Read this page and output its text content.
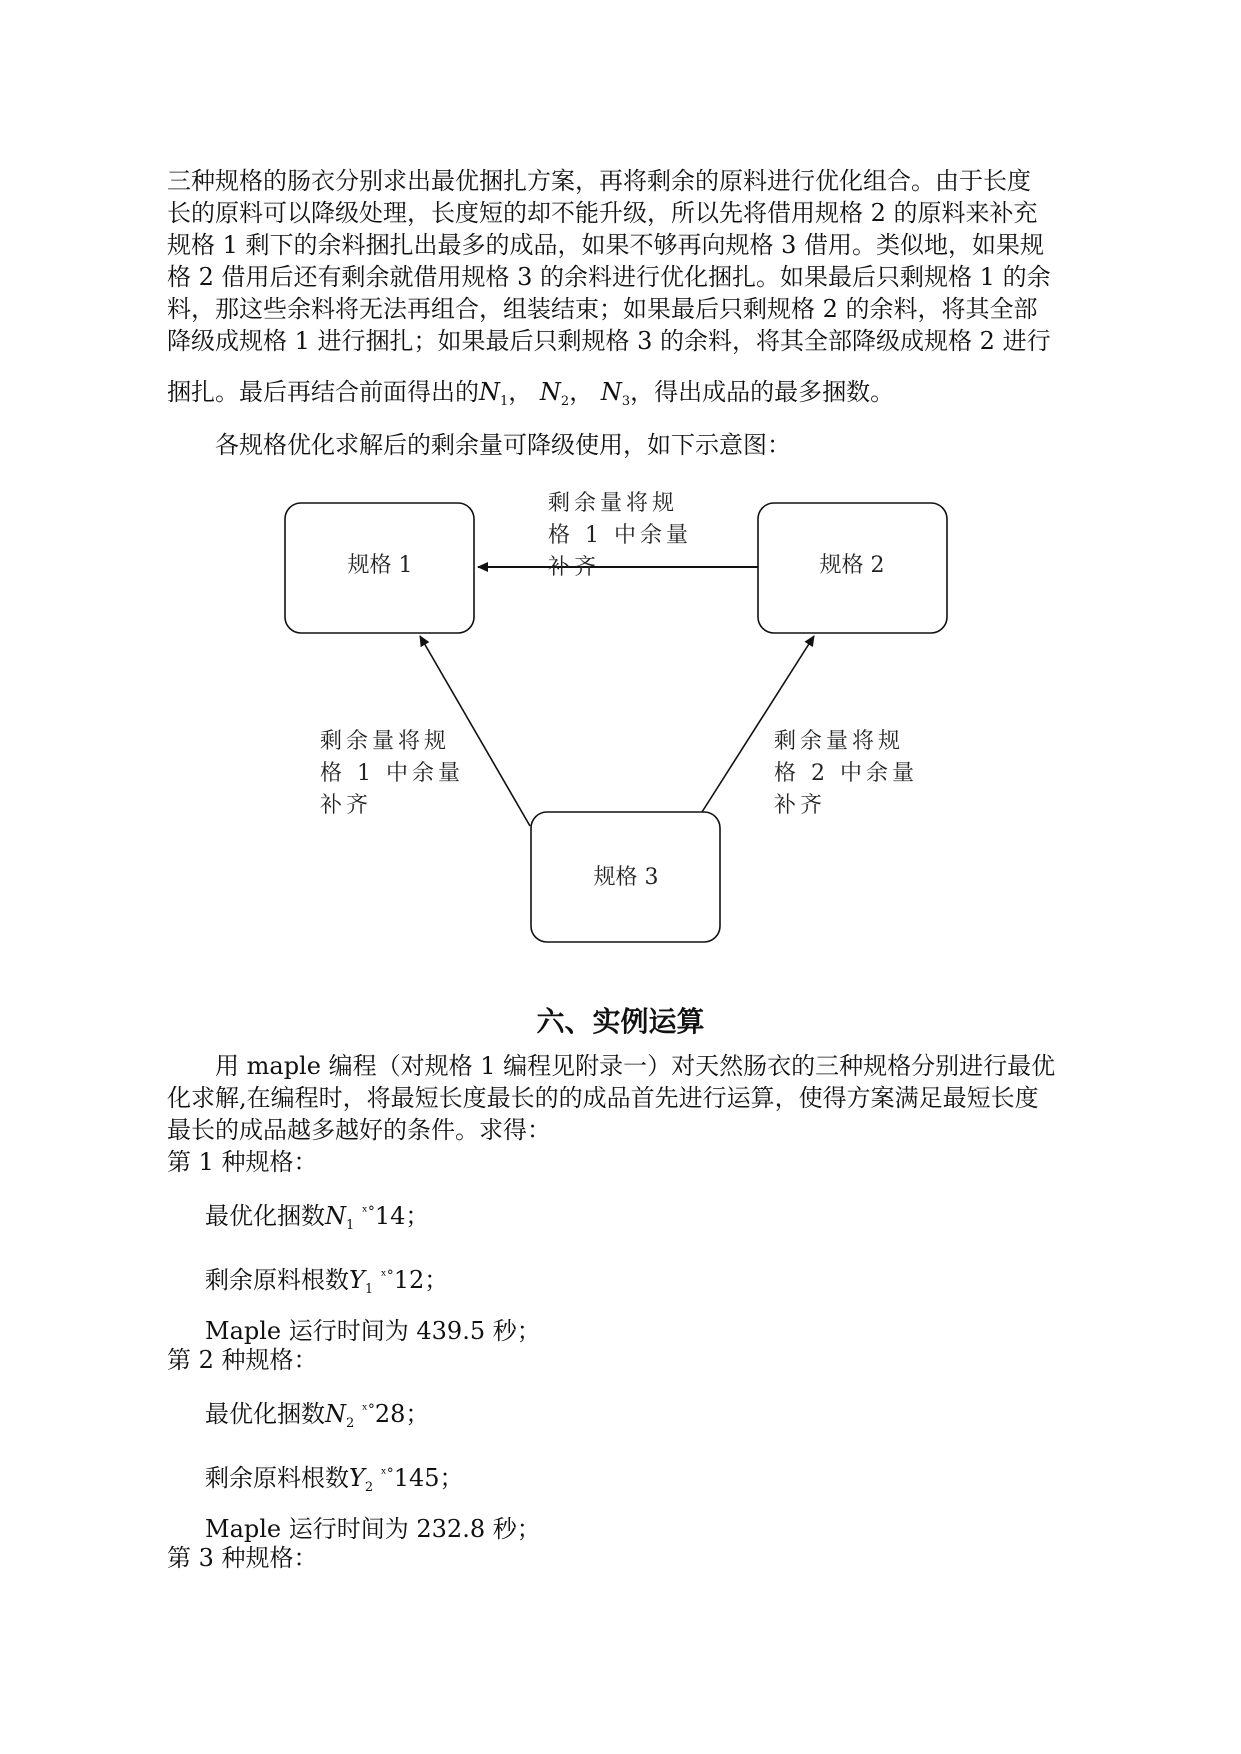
三种规格的肠衣分别求出最优捆扎方案，再将剩余的原料进行优化组合。由于长度
长的原料可以降级处理，长度短的却不能升级，所以先将借用规格 2 的原料来补充
规格 1 剩下的余料捆扎出最多的成品，如果不够再向规格 3 借用。类似地，如果规
格 2 借用后还有剩余就借用规格 3 的余料进行优化捆扎。如果最后只剩规格 1 的余
料，那这些余料将无法再组合，组装结束；如果最后只剩规格 2 的余料，将其全部
降级成规格 1 进行捆扎；如果最后只剩规格 3 的余料，将其全部降级成规格 2 进行
捆扎。最后再结合前面得出的$N_1$， $N_2$， $N_3$，得出成品的最多捆数。
各规格优化求解后的剩余量可降级使用，如下示意图：
规格 1	规格 2
规格 3
剩余量将规
格 1 中余量
补齐
剩余量将规
格 1 中余量
补齐
剩余量将规
格 2 中余量
补齐
六、实例运算
用 maple 编程（对规格 1 编程见附录一）对天然肠衣的三种规格分别进行最优
化求解,在编程时，将最短长度最长的的成品首先进行运算，使得方案满足最短长度
最长的成品越多越好的条件。求得：
第 1 种规格：
最优化捆数$N_1$ $^{ˣ^\circ}$14；
剩余原料根数$Y_1$ $^{ˣ^\circ}$12；
Maple 运行时间为 439.5 秒；
第 2 种规格：
最优化捆数$N_2$ $^{ˣ^\circ}$28；
剩余原料根数$Y_2$ $^{ˣ^\circ}$145；
Maple 运行时间为 232.8 秒；
第 3 种规格：
